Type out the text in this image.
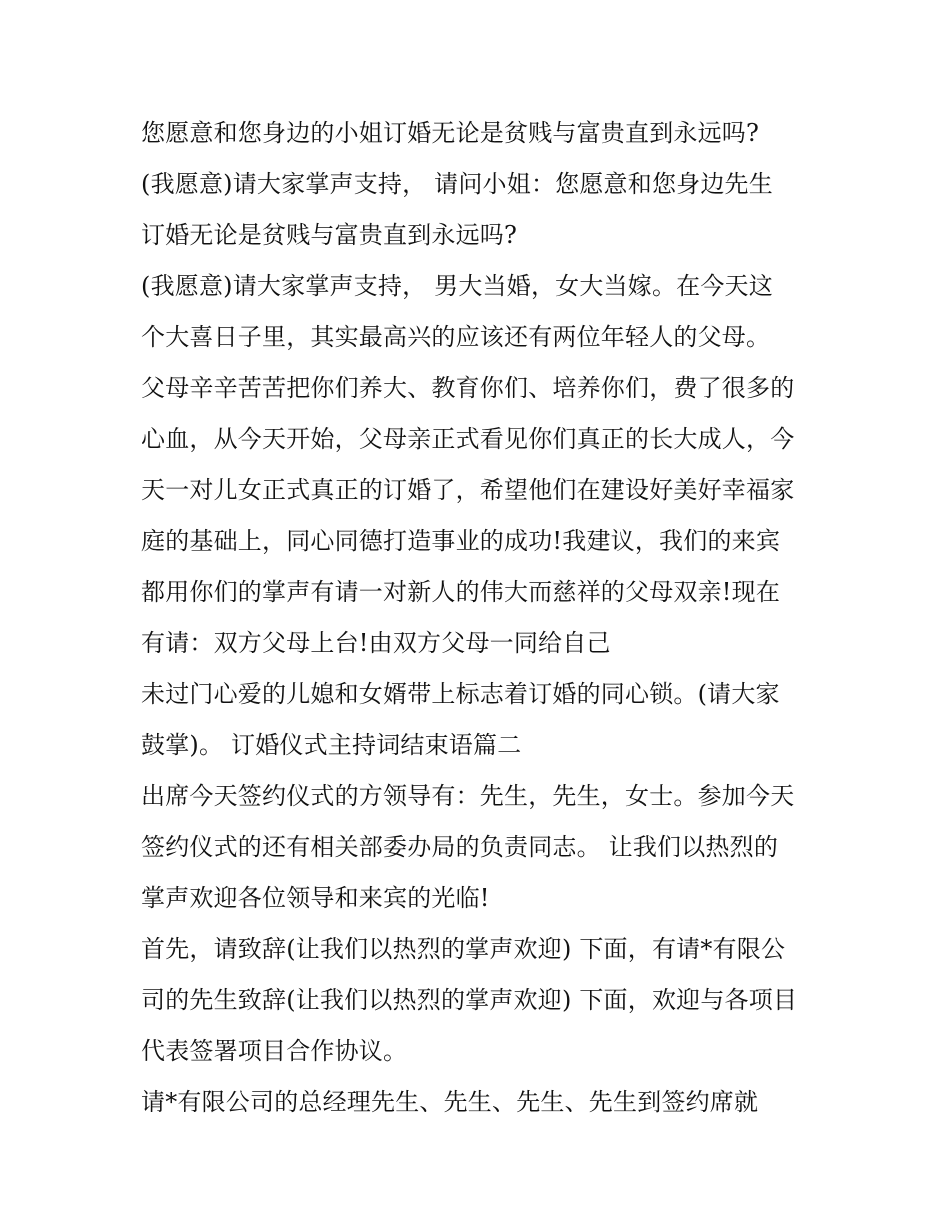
您愿意和您身边的小姐订婚无论是贫贱与富贵直到永远吗?
(我愿意)请大家掌声支持， 请问小姐：您愿意和您身边先生
订婚无论是贫贱与富贵直到永远吗?
(我愿意)请大家掌声支持， 男大当婚，女大当嫁。在今天这
个大喜日子里，其实最高兴的应该还有两位年轻人的父母。
父母辛辛苦苦把你们养大、教育你们、培养你们，费了很多的
心血，从今天开始，父母亲正式看见你们真正的长大成人，今
天一对儿女正式真正的订婚了，希望他们在建设好美好幸福家
庭的基础上，同心同德打造事业的成功!我建议，我们的来宾
都用你们的掌声有请一对新人的伟大而慈祥的父母双亲!现在
有请：双方父母上台!由双方父母一同给自己
未过门心爱的儿媳和女婿带上标志着订婚的同心锁。(请大家
鼓掌)。 订婚仪式主持词结束语篇二
出席今天签约仪式的方领导有：先生，先生，女士。参加今天
签约仪式的还有相关部委办局的负责同志。 让我们以热烈的
掌声欢迎各位领导和来宾的光临!
首先，请致辞(让我们以热烈的掌声欢迎) 下面，有请*有限公
司的先生致辞(让我们以热烈的掌声欢迎) 下面，欢迎与各项目
代表签署项目合作协议。
请*有限公司的总经理先生、先生、先生、先生到签约席就
